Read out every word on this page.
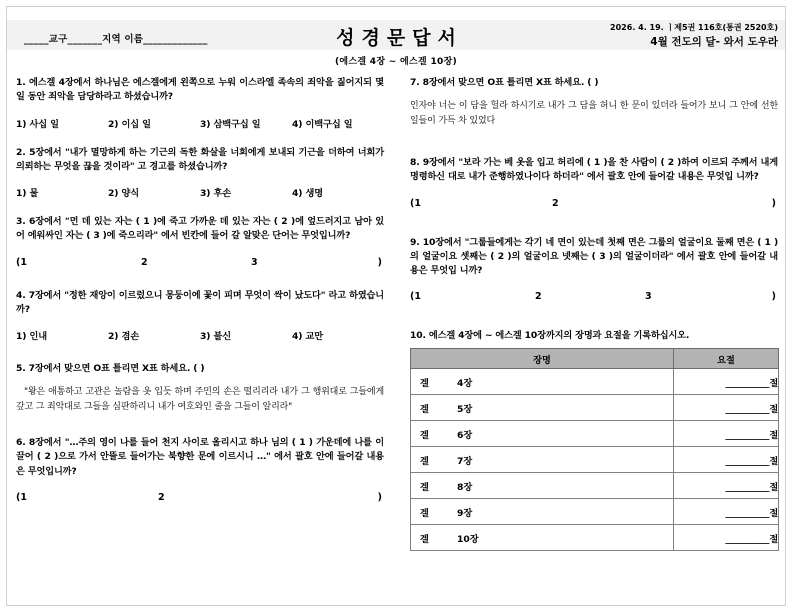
_____교구_______지역 이름_____________	성경문답서
(에스겔 4장 ~ 에스겔 10장)
2026. 4. 19. ㅣ제5권 116호(통권 2520호)
4월 전도의 달- 와서 도우라
1. 에스겔 4장에서 하나님은 에스겔에게 왼쪽으로 누워 이스라엘 족속의 죄악을 짊어지되 몇 일 동안 죄악을 담당하라고 하셨습니까?
1) 사십 일	2) 이십 일	3) 삼백구십 일	4) 이백구십 일
2. 5장에서 "내가 멸망하게 하는 기근의 독한 화살을 너희에게 보내되 기근을 더하여 너희가 의뢰하는 무엇을 끊을 것이라" 고 경고를 하셨습니까?
1) 물	2) 양식	3) 후손	4) 생명
3. 6장에서 "먼 데 있는 자는 ( 1 )에 죽고 가까운 데 있는 자는 ( 2 )에 엎드러지고 남아 있어 에워싸인 자는 ( 3 )에 죽으리라" 에서 빈칸에 들어 갈 알맞은 단어는 무엇입니까?
(1	2	3	)
4. 7장에서 "정한 재앙이 이르렀으니 몽둥이에 꽃이 피며 무엇이 싹이 났도다" 라고 하였습니까?
1) 인내	2) 겸손	3) 불신	4) 교만
5. 7장에서 맞으면 O표 틀리면 X표 하세요. ( )
"왕은 애통하고 고관은 놀람을 옷 입듯 하며 주민의 손은 떨리리라 내가 그 행위대로 그들에게 갚고 그 죄악대로 그들을 심판하리니 내가 여호와인 줄을 그들이 알리라"
6. 8장에서 "…주의 영이 나를 들어 천지 사이로 올리시고 하나 님의 ( 1 ) 가운데에 나를 이끌어 ( 2 )으로 가서 안뜰로 들어가는 북향한 문에 이르시니 …" 에서 괄호 안에 들어갈 내용은 무엇입니까?
(1	2	)
7. 8장에서 맞으면 O표 틀리면 X표 하세요. ( )
인자야 너는 이 담을 헐라 하시기로 내가 그 담을 허니 한 문이 있더라 들어가 보니 그 안에 선한 일들이 가득 차 있었다
8. 9장에서 "보라 가는 베 옷을 입고 허리에 ( 1 )을 찬 사람이 ( 2 )하여 이르되 주께서 내게 명령하신 대로 내가 준행하였나이다 하더라" 에서 괄호 안에 들어갈 내용은 무엇입 니까?
(1	2	)
9. 10장에서 "그룹들에게는 각기 네 면이 있는데 첫째 면은 그룹의 얼굴이요 둘째 면은 ( 1 )의 얼굴이요 셋째는 ( 2 )의 얼굴이요 넷째는 ( 3 )의 얼굴이더라" 에서 괄호 안에 들어갈 내용은 무엇입 니까?
(1	2	3	)
10. 에스겔 4장에 ~ 에스겔 10장까지의 장명과 요절을 기록하십시오.
장명	요절
겔 4장	__________절
겔 5장	__________절
겔 6장	__________절
겔 7장	__________절
겔 8장	__________절
겔 9장	__________절
겔 10장	__________절
